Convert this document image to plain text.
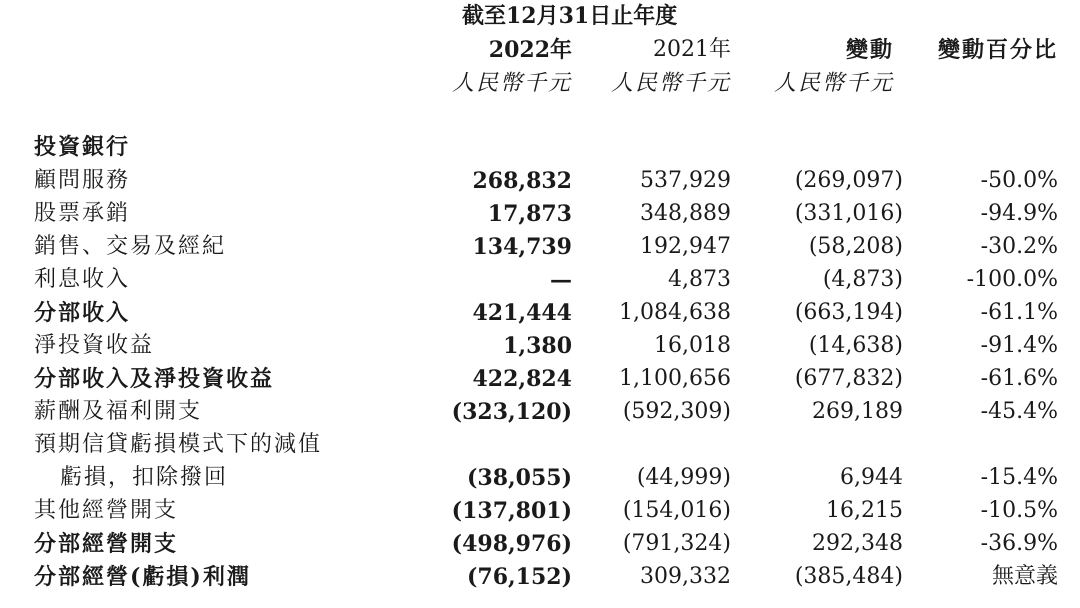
截至12月31日止年度
2022年	2021年	變動 變動百分比
人民幣千元 人民幣千元 人民幣千元
投資銀行
顧問服務	268,832	537,929	(269,097)	-50.0%
股票承銷	17,873	348,889	(331,016)	-94.9%
銷售、交易及經紀	134,739	192,947	(58,208)	-30.2%
利息收入	—	4,873	(4,873)	-100.0%
分部收入	421,444 1,084,638	(663,194)	-61.1%
淨投資收益	1,380	16,018	(14,638)	-91.4%
分部收入及淨投資收益	422,824 1,100,656	(677,832)	-61.6%
薪酬及福利開支	(323,120) (592,309)	269,189	-45.4%
預期信貸虧損模式下的減值
虧損，扣除撥回	(38,055)	(44,999)	6,944	-15.4%
其他經營開支	(137,801) (154,016)	16,215	-10.5%
分部經營開支	(498,976) (791,324)	292,348	-36.9%
分部經營(虧損)利潤	(76,152)	309,332	(385,484)	無意義
